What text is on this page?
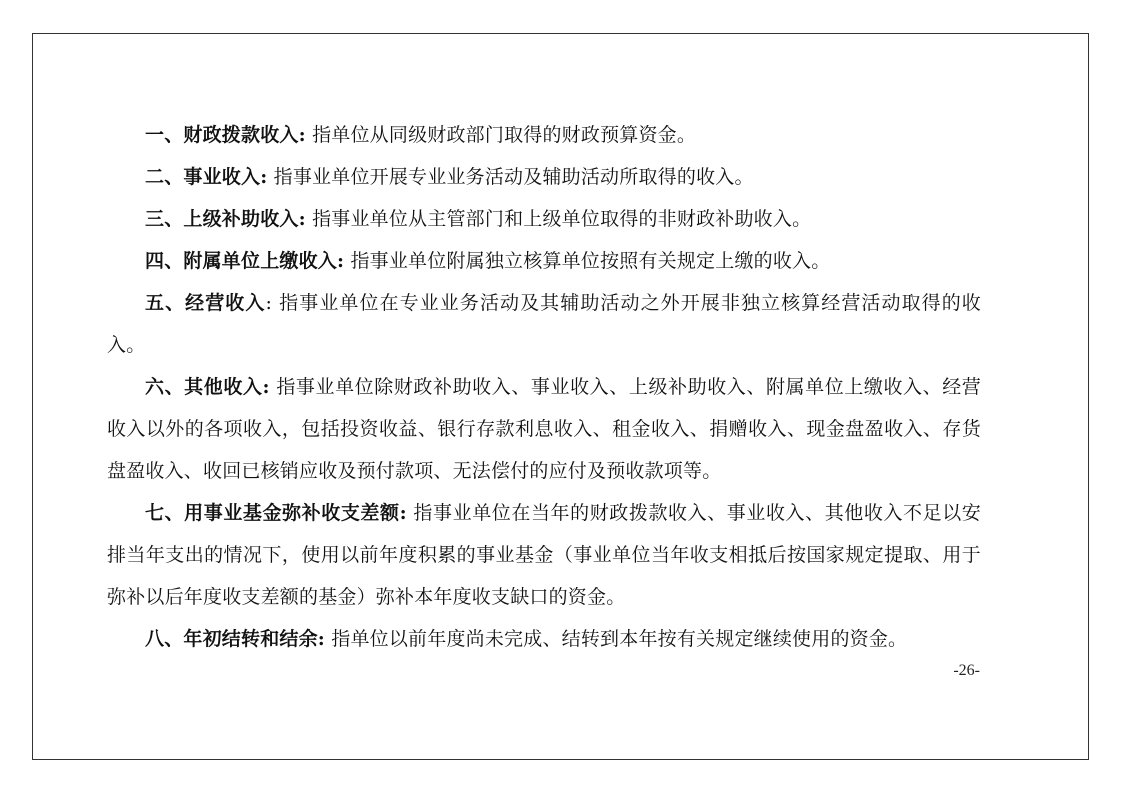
一、财政拨款收入: 指单位从同级财政部门取得的财政预算资金。

二、事业收入: 指事业单位开展专业业务活动及辅助活动所取得的收入。

三、上级补助收入: 指事业单位从主管部门和上级单位取得的非财政补助收入。

四、附属单位上缴收入: 指事业单位附属独立核算单位按照有关规定上缴的收入。

五、经营收入: 指事业单位在专业业务活动及其辅助活动之外开展非独立核算经营活动取得的收入。

六、其他收入: 指事业单位除财政补助收入、事业收入、上级补助收入、附属单位上缴收入、经营收入以外的各项收入，包括投资收益、银行存款利息收入、租金收入、捐赠收入、现金盘盈收入、存货盘盈收入、收回已核销应收及预付款项、无法偿付的应付及预收款项等。

七、用事业基金弥补收支差额: 指事业单位在当年的财政拨款收入、事业收入、其他收入不足以安排当年支出的情况下，使用以前年度积累的事业基金（事业单位当年收支相抵后按国家规定提取、用于弥补以后年度收支差额的基金）弥补本年度收支缺口的资金。

八、年初结转和结余: 指单位以前年度尚未完成、结转到本年按有关规定继续使用的资金。

-26-
